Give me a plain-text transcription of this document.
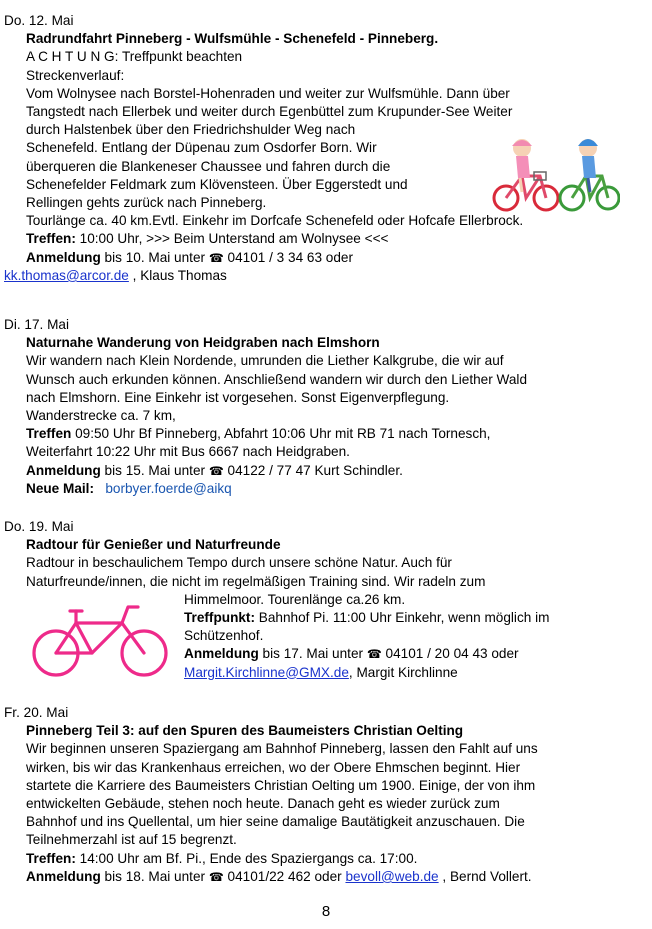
Do. 12. Mai

Radrundfahrt Pinneberg - Wulfsmühle - Schenefeld - Pinneberg.

A C H T U N G: Treffpunkt beachten

Streckenverlauf:

Vom Wolnysee nach Borstel-Hohenraden und weiter zur Wulfsmühle. Dann über

Tangstedt nach Ellerbek und weiter durch Egenbüttel zum Krupunder-See Weiter

durch Halstenbek über den Friedrichshulder Weg nach

Schenefeld. Entlang der Düpenau zum Osdorfer Born. Wir

überqueren die Blankeneser Chaussee und fahren durch die

Schenefelder Feldmark zum Klövensteen. Über Eggerstedt und

Rellingen gehts zurück nach Pinneberg.

Tourlänge ca. 40 km.Evtl. Einkehr im Dorfcafe Schenefeld oder Hofcafe Ellerbrock.

Treffen: 10:00 Uhr, >>> Beim Unterstand am Wolnysee <<<

Anmeldung bis 10. Mai unter ☎ 04101 / 3 34 63 oder

kk.thomas@arcor.de , Klaus Thomas

Di. 17. Mai

Naturnahe Wanderung von Heidgraben nach Elmshorn

Wir wandern nach Klein Nordende, umrunden die Liether Kalkgrube, die wir auf

Wunsch auch erkunden können. Anschließend wandern wir durch den Liether Wald

nach Elmshorn. Eine Einkehr ist vorgesehen. Sonst Eigenverpflegung.

Wanderstrecke ca. 7 km,

Treffen 09:50 Uhr Bf Pinneberg, Abfahrt 10:06 Uhr mit RB 71 nach Tornesch,

Weiterfahrt 10:22 Uhr mit Bus 6667 nach Heidgraben.

Anmeldung bis 15. Mai unter ☎ 04122 / 77 47 Kurt Schindler.

Neue Mail: borbyer.foerde@aikq

Do. 19. Mai

Radtour für Genießer und Naturfreunde

Radtour in beschaulichem Tempo durch unsere schöne Natur. Auch für

Naturfreunde/innen, die nicht im regelmäßigen Training sind. Wir radeln zum

Himmelmoor. Tourenlänge ca.26 km.

Treffpunkt: Bahnhof Pi. 11:00 Uhr Einkehr, wenn möglich im

Schützenhof.

Anmeldung bis 17. Mai unter ☎ 04101 / 20 04 43 oder

Margit.Kirchlinne@GMX.de, Margit Kirchlinne

Fr. 20. Mai

Pinneberg Teil 3: auf den Spuren des Baumeisters Christian Oelting

Wir beginnen unseren Spaziergang am Bahnhof Pinneberg, lassen den Fahlt auf uns

wirken, bis wir das Krankenhaus erreichen, wo der Obere Ehmschen beginnt. Hier

startete die Karriere des Baumeisters Christian Oelting um 1900. Einige, der von ihm

entwickelten Gebäude, stehen noch heute. Danach geht es wieder zurück zum

Bahnhof und ins Quellental, um hier seine damalige Bautätigkeit anzuschauen. Die

Teilnehmerzahl ist auf 15 begrenzt.

Treffen: 14:00 Uhr am Bf. Pi., Ende des Spaziergangs ca. 17:00.

Anmeldung bis 18. Mai unter ☎ 04101/22 462 oder bevoll@web.de , Bernd Vollert.

8
